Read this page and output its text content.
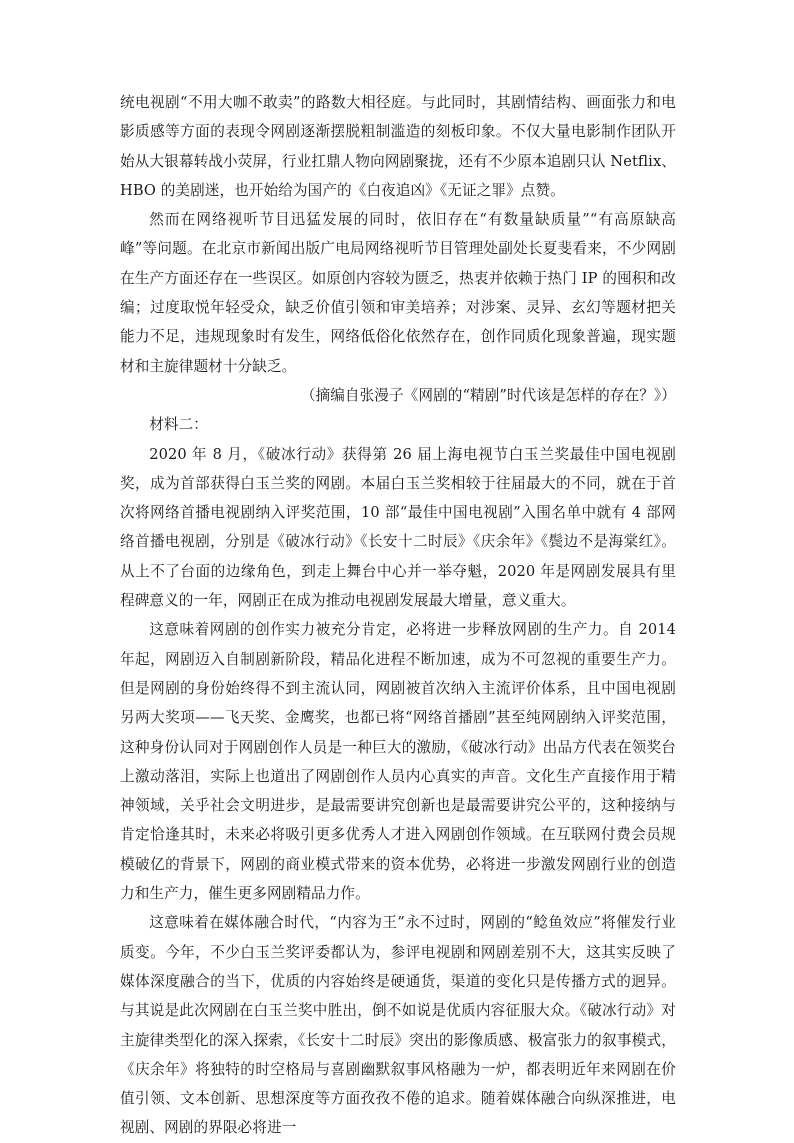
统电视剧“不用大咖不敢卖”的路数大相径庭。与此同时，其剧情结构、画面张力和电影质感等方面的表现令网剧逐渐摆脱粗制滥造的刻板印象。不仅大量电影制作团队开始从大银幕转战小荧屏，行业扛鼎人物向网剧聚拢，还有不少原本追剧只认 Netflix、HBO 的美剧迷，也开始给为国产的《白夜追凶》《无证之罪》点赞。

然而在网络视听节目迅猛发展的同时，依旧存在“有数量缺质量”“有高原缺高峰”等问题。在北京市新闻出版广电局网络视听节目管理处副处长夏斐看来，不少网剧在生产方面还存在一些误区。如原创内容较为匮乏，热衷并依赖于热门 IP 的囤积和改编；过度取悦年轻受众，缺乏价值引领和审美培养；对涉案、灵异、玄幻等题材把关能力不足，违规现象时有发生，网络低俗化依然存在，创作同质化现象普遍，现实题材和主旋律题材十分缺乏。

（摘编自张漫子《网剧的“精剧”时代该是怎样的存在？》）

材料二：

2020 年 8 月，《破冰行动》获得第 26 届上海电视节白玉兰奖最佳中国电视剧奖，成为首部获得白玉兰奖的网剧。本届白玉兰奖相较于往届最大的不同，就在于首次将网络首播电视剧纳入评奖范围，10 部“最佳中国电视剧”入围名单中就有 4 部网络首播电视剧，分别是《破冰行动》《长安十二时辰》《庆余年》《鬓边不是海棠红》。从上不了台面的边缘角色，到走上舞台中心并一举夺魁，2020 年是网剧发展具有里程碑意义的一年，网剧正在成为推动电视剧发展最大增量，意义重大。

这意味着网剧的创作实力被充分肯定，必将进一步释放网剧的生产力。自 2014 年起，网剧迈入自制剧新阶段，精品化进程不断加速，成为不可忽视的重要生产力。但是网剧的身份始终得不到主流认同，网剧被首次纳入主流评价体系，且中国电视剧另两大奖项——飞天奖、金鹰奖，也都已将“网络首播剧”甚至纯网剧纳入评奖范围，这种身份认同对于网剧创作人员是一种巨大的激励，《破冰行动》出品方代表在领奖台上激动落泪，实际上也道出了网剧创作人员内心真实的声音。文化生产直接作用于精神领域，关乎社会文明进步，是最需要讲究创新也是最需要讲究公平的，这种接纳与肯定恰逢其时，未来必将吸引更多优秀人才进入网剧创作领域。在互联网付费会员规模破亿的背景下，网剧的商业模式带来的资本优势，必将进一步激发网剧行业的创造力和生产力，催生更多网剧精品力作。

这意味着在媒体融合时代，“内容为王”永不过时，网剧的“鲶鱼效应”将催发行业质变。今年，不少白玉兰奖评委都认为，参评电视剧和网剧差别不大，这其实反映了媒体深度融合的当下，优质的内容始终是硬通货，渠道的变化只是传播方式的迥异。与其说是此次网剧在白玉兰奖中胜出，倒不如说是优质内容征服大众。《破冰行动》对主旋律类型化的深入探索，《长安十二时辰》突出的影像质感、极富张力的叙事模式，《庆余年》将独特的时空格局与喜剧幽默叙事风格融为一炉，都表明近年来网剧在价值引领、文本创新、思想深度等方面孜孜不倦的追求。随着媒体融合向纵深推进，电视剧、网剧的界限必将进一
